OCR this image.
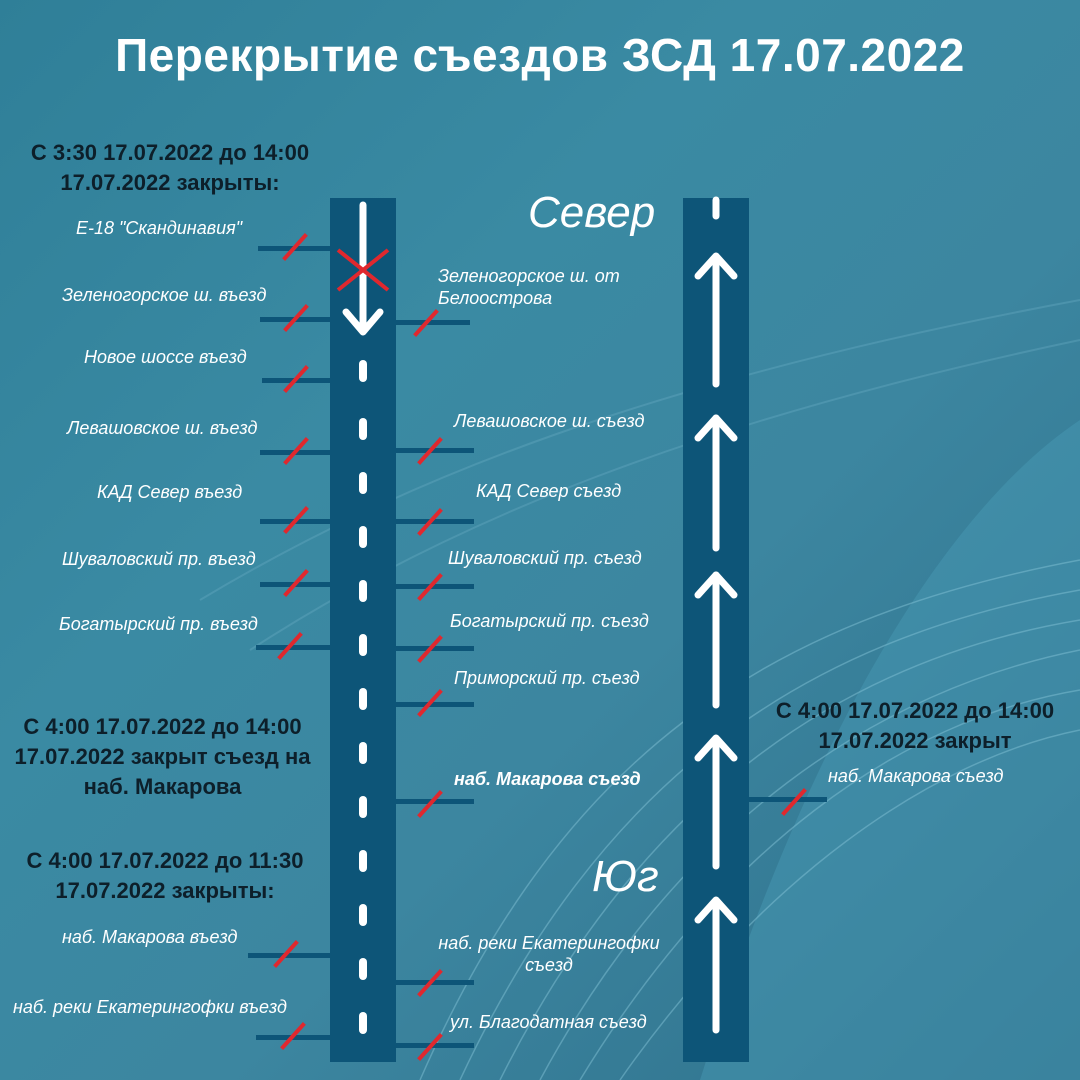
Перекрытие съездов ЗСД 17.07.2022
С 3:30 17.07.2022 до 14:00 17.07.2022 закрыты:
С 4:00 17.07.2022 до 14:00 17.07.2022 закрыт съезд на наб. Макарова
С 4:00 17.07.2022 до 11:30 17.07.2022 закрыты:
С 4:00 17.07.2022 до 14:00 17.07.2022 закрыт
Север
Юг
Е-18 "Скандинавия"
Зеленогорское ш. въезд
Новое шоссе въезд
Левашовское ш. въезд
КАД Север въезд
Шуваловский пр. въезд
Богатырский пр. въезд
наб. Макарова въезд
наб. реки Екатерингофки въезд
Зеленогорское ш. от Белоострова
Левашовское ш. съезд
КАД Север съезд
Шуваловский пр. съезд
Богатырский пр. съезд
Приморский пр. съезд
наб. Макарова съезд
наб. реки Екатерингофки съезд
ул. Благодатная съезд
наб. Макарова съезд
